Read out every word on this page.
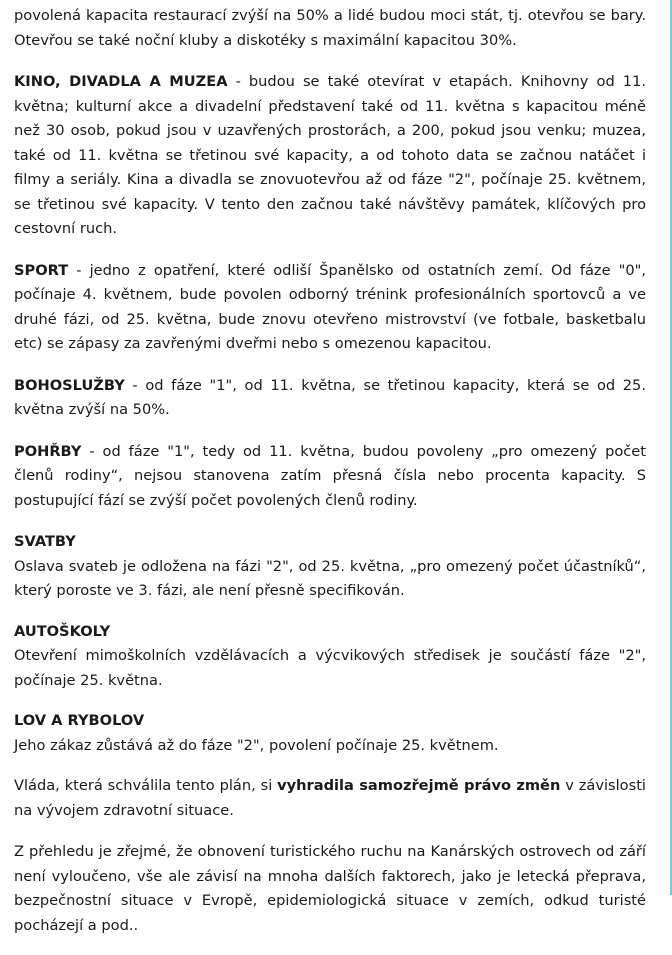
povolená kapacita restaurací zvýší na 50% a lidé budou moci stát, tj. otevřou se bary. Otevřou se také noční kluby a diskotéky s maximální kapacitou 30%.

KINO, DIVADLA A MUZEA - budou se také otevírat v etapách. Knihovny od 11. května; kulturní akce a divadelní představení také od 11. května s kapacitou méně než 30 osob, pokud jsou v uzavřených prostorách, a 200, pokud jsou venku; muzea, také od 11. května se třetinou své kapacity, a od tohoto data se začnou natáčet i filmy a seriály. Kina a divadla se znovuotevřou až od fáze "2", počínaje 25. květnem, se třetinou své kapacity. V tento den začnou také návštěvy památek, klíčových pro cestovní ruch.

SPORT - jedno z opatření, které odliší Španělsko od ostatních zemí. Od fáze "0", počínaje 4. květnem, bude povolen odborný trénink profesionálních sportovců a ve druhé fázi, od 25. května, bude znovu otevřeno mistrovství (ve fotbale, basketbalu etc) se zápasy za zavřenými dveřmi nebo s omezenou kapacitou.

BOHOSLUŽBY - od fáze "1", od 11. května, se třetinou kapacity, která se od 25. května zvýší na 50%.

POHŘBY - od fáze "1", tedy od 11. května, budou povoleny „pro omezený počet členů rodiny“, nejsou stanovena zatím přesná čísla nebo procenta kapacity. S postupující fází se zvýší počet povolených členů rodiny.

SVATBY
Oslava svateb je odložena na fázi "2", od 25. května, „pro omezený počet účastníků“, který poroste ve 3. fázi, ale není přesně specifikován.

AUTOŠKOLY
Otevření mimoškolních vzdělávacích a výcvikových středisek je součástí fáze "2", počínaje 25. května.

LOV A RYBOLOV
Jeho zákaz zůstává až do fáze "2", povolení počínaje 25. květnem.

Vláda, která schválila tento plán, si vyhradila samozřejmě právo změn v závislosti na vývojem zdravotní situace.

Z přehledu je zřejmé, že obnovení turistického ruchu na Kanárských ostrovech od září není vyloučeno, vše ale závisí na mnoha dalších faktorech, jako je letecká přeprava, bezpečnostní situace v Evropě, epidemiologická situace v zemích, odkud turisté pocházejí a pod..
